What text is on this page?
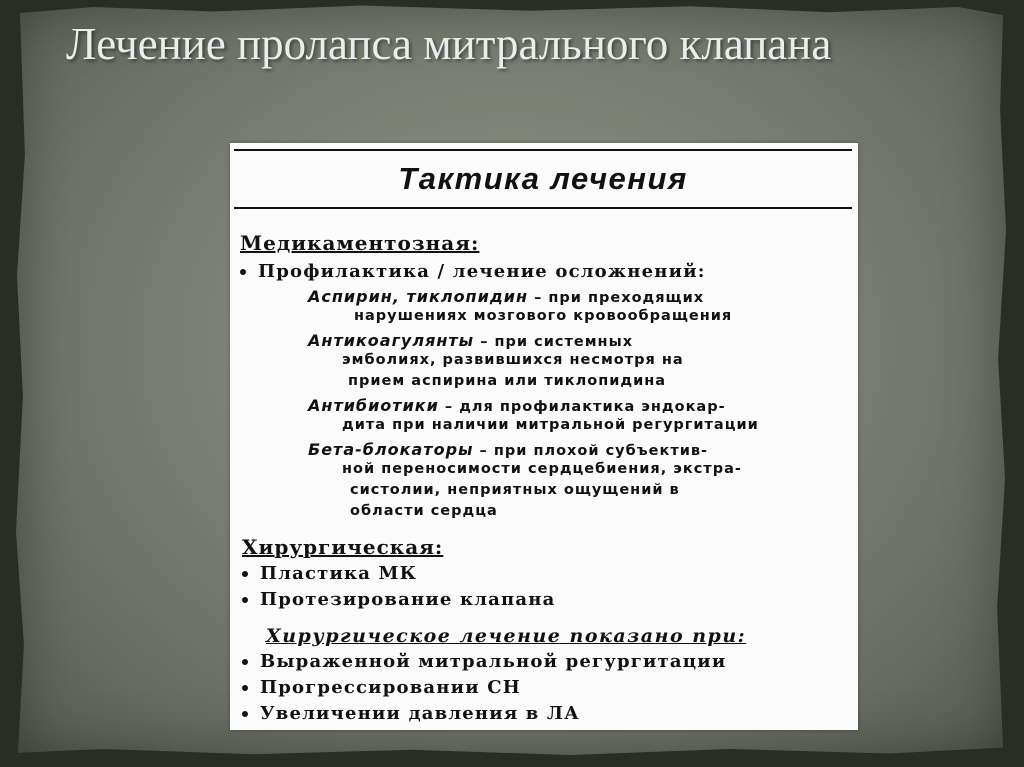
Лечение пролапса митрального клапана
Тактика лечения
Медикаментозная:
Профилактика / лечение осложнений:
Аспирин, тиклопидин – при преходящих
нарушениях мозгового кровообращения
Антикоагулянты – при системных
эмболиях, развившихся несмотря на
прием аспирина или тиклопидина
Антибиотики – для профилактика эндокар-
дита при наличии митральной регургитации
Бета-блокаторы – при плохой субъектив-
ной переносимости сердцебиения, экстра-
систолии, неприятных ощущений в
области сердца
Хирургическая:
Пластика МК
Протезирование клапана
Хирургическое лечение показано при:
Выраженной митральной регургитации
Прогрессировании СН
Увеличении давления в ЛА
